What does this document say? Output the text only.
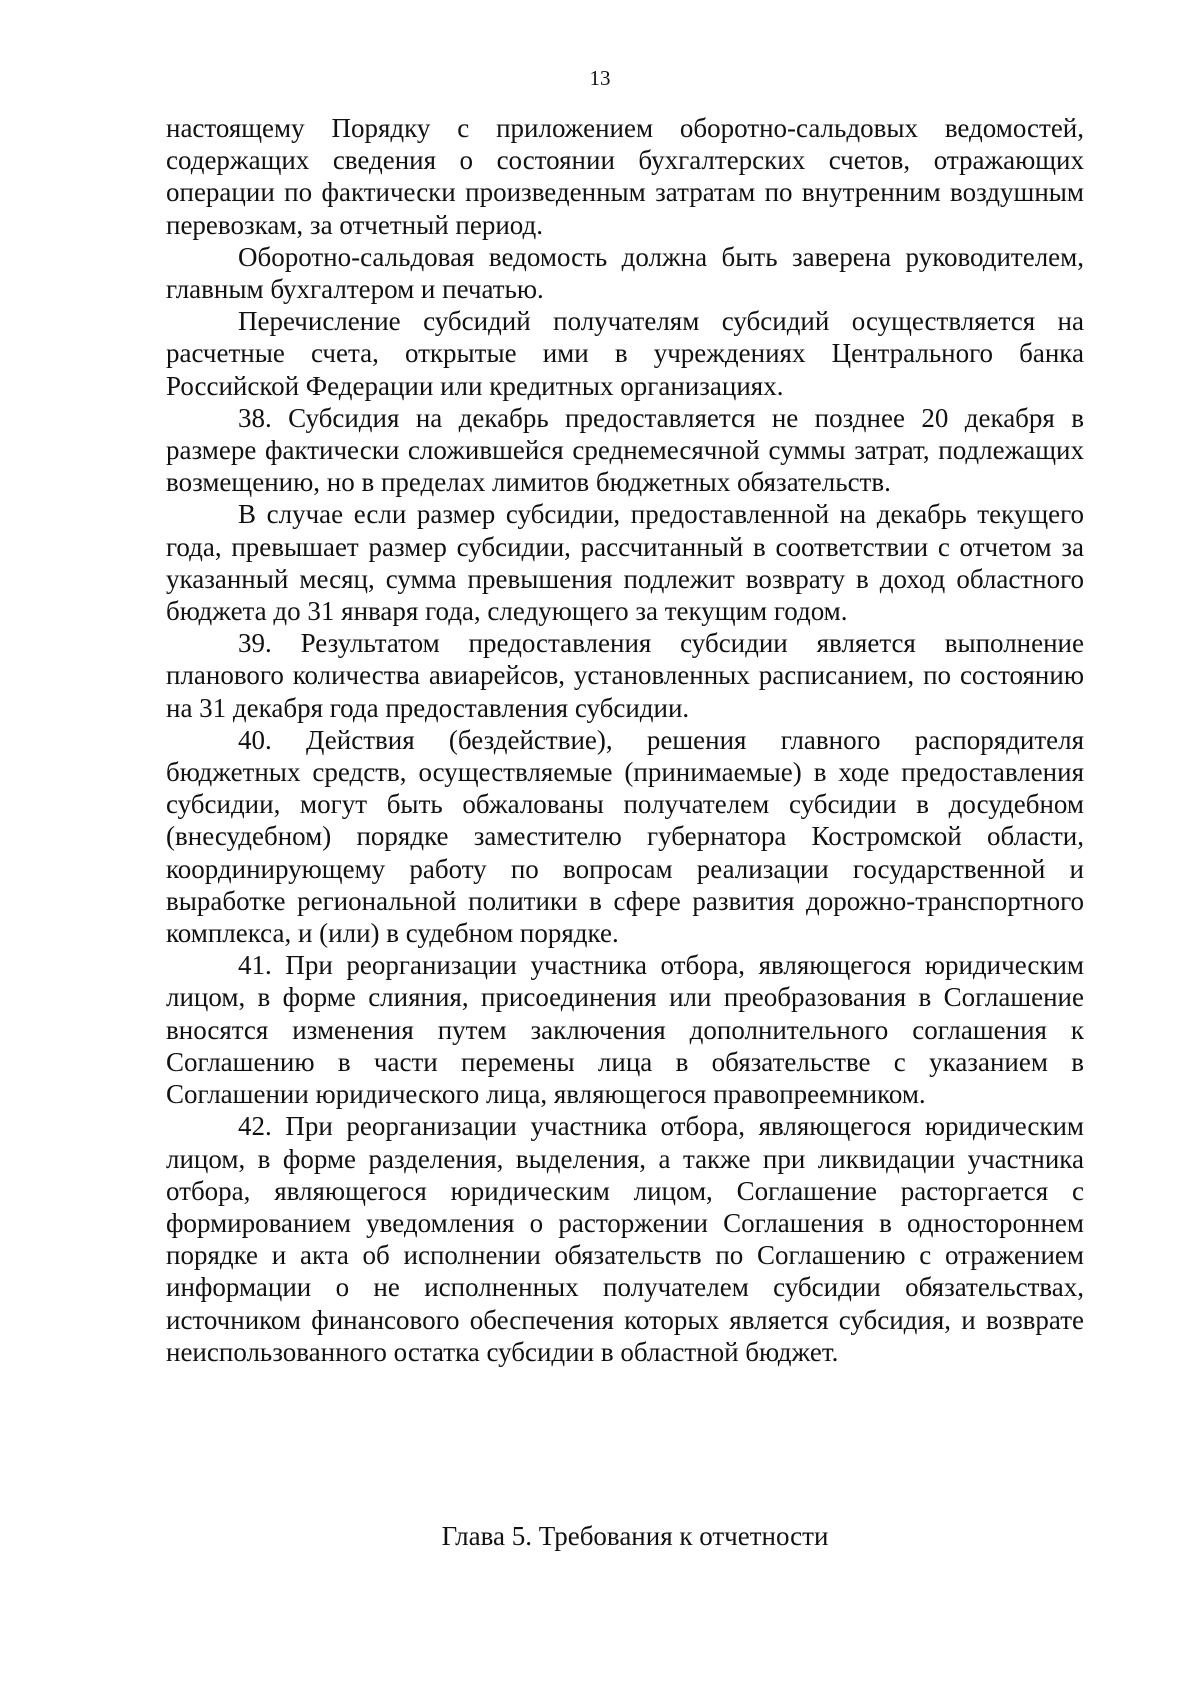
13

настоящему Порядку с приложением оборотно-сальдовых ведомостей, содержащих сведения о состоянии бухгалтерских счетов, отражающих операции по фактически произведенным затратам по внутренним воздушным перевозкам, за отчетный период.

Оборотно-сальдовая ведомость должна быть заверена руководителем, главным бухгалтером и печатью.

Перечисление субсидий получателям субсидий осуществляется на расчетные счета, открытые ими в учреждениях Центрального банка Российской Федерации или кредитных организациях.

38. Субсидия на декабрь предоставляется не позднее 20 декабря в размере фактически сложившейся среднемесячной суммы затрат, подлежащих возмещению, но в пределах лимитов бюджетных обязательств.

В случае если размер субсидии, предоставленной на декабрь текущего года, превышает размер субсидии, рассчитанный в соответствии с отчетом за указанный месяц, сумма превышения подлежит возврату в доход областного бюджета до 31 января года, следующего за текущим годом.

39. Результатом предоставления субсидии является выполнение планового количества авиарейсов, установленных расписанием, по состоянию на 31 декабря года предоставления субсидии.

40. Действия (бездействие), решения главного распорядителя бюджетных средств, осуществляемые (принимаемые) в ходе предоставления субсидии, могут быть обжалованы получателем субсидии в досудебном (внесудебном) порядке заместителю губернатора Костромской области, координирующему работу по вопросам реализации государственной и выработке региональной политики в сфере развития дорожно-транспортного комплекса, и (или) в судебном порядке.

41. При реорганизации участника отбора, являющегося юридическим лицом, в форме слияния, присоединения или преобразования в Соглашение вносятся изменения путем заключения дополнительного соглашения к Соглашению в части перемены лица в обязательстве с указанием в Соглашении юридического лица, являющегося правопреемником.

42. При реорганизации участника отбора, являющегося юридическим лицом, в форме разделения, выделения, а также при ликвидации участника отбора, являющегося юридическим лицом, Соглашение расторгается с формированием уведомления о расторжении Соглашения в одностороннем порядке и акта об исполнении обязательств по Соглашению с отражением информации о не исполненных получателем субсидии обязательствах, источником финансового обеспечения которых является субсидия, и возврате неиспользованного остатка субсидии в областной бюджет.

Глава 5. Требования к отчетности
